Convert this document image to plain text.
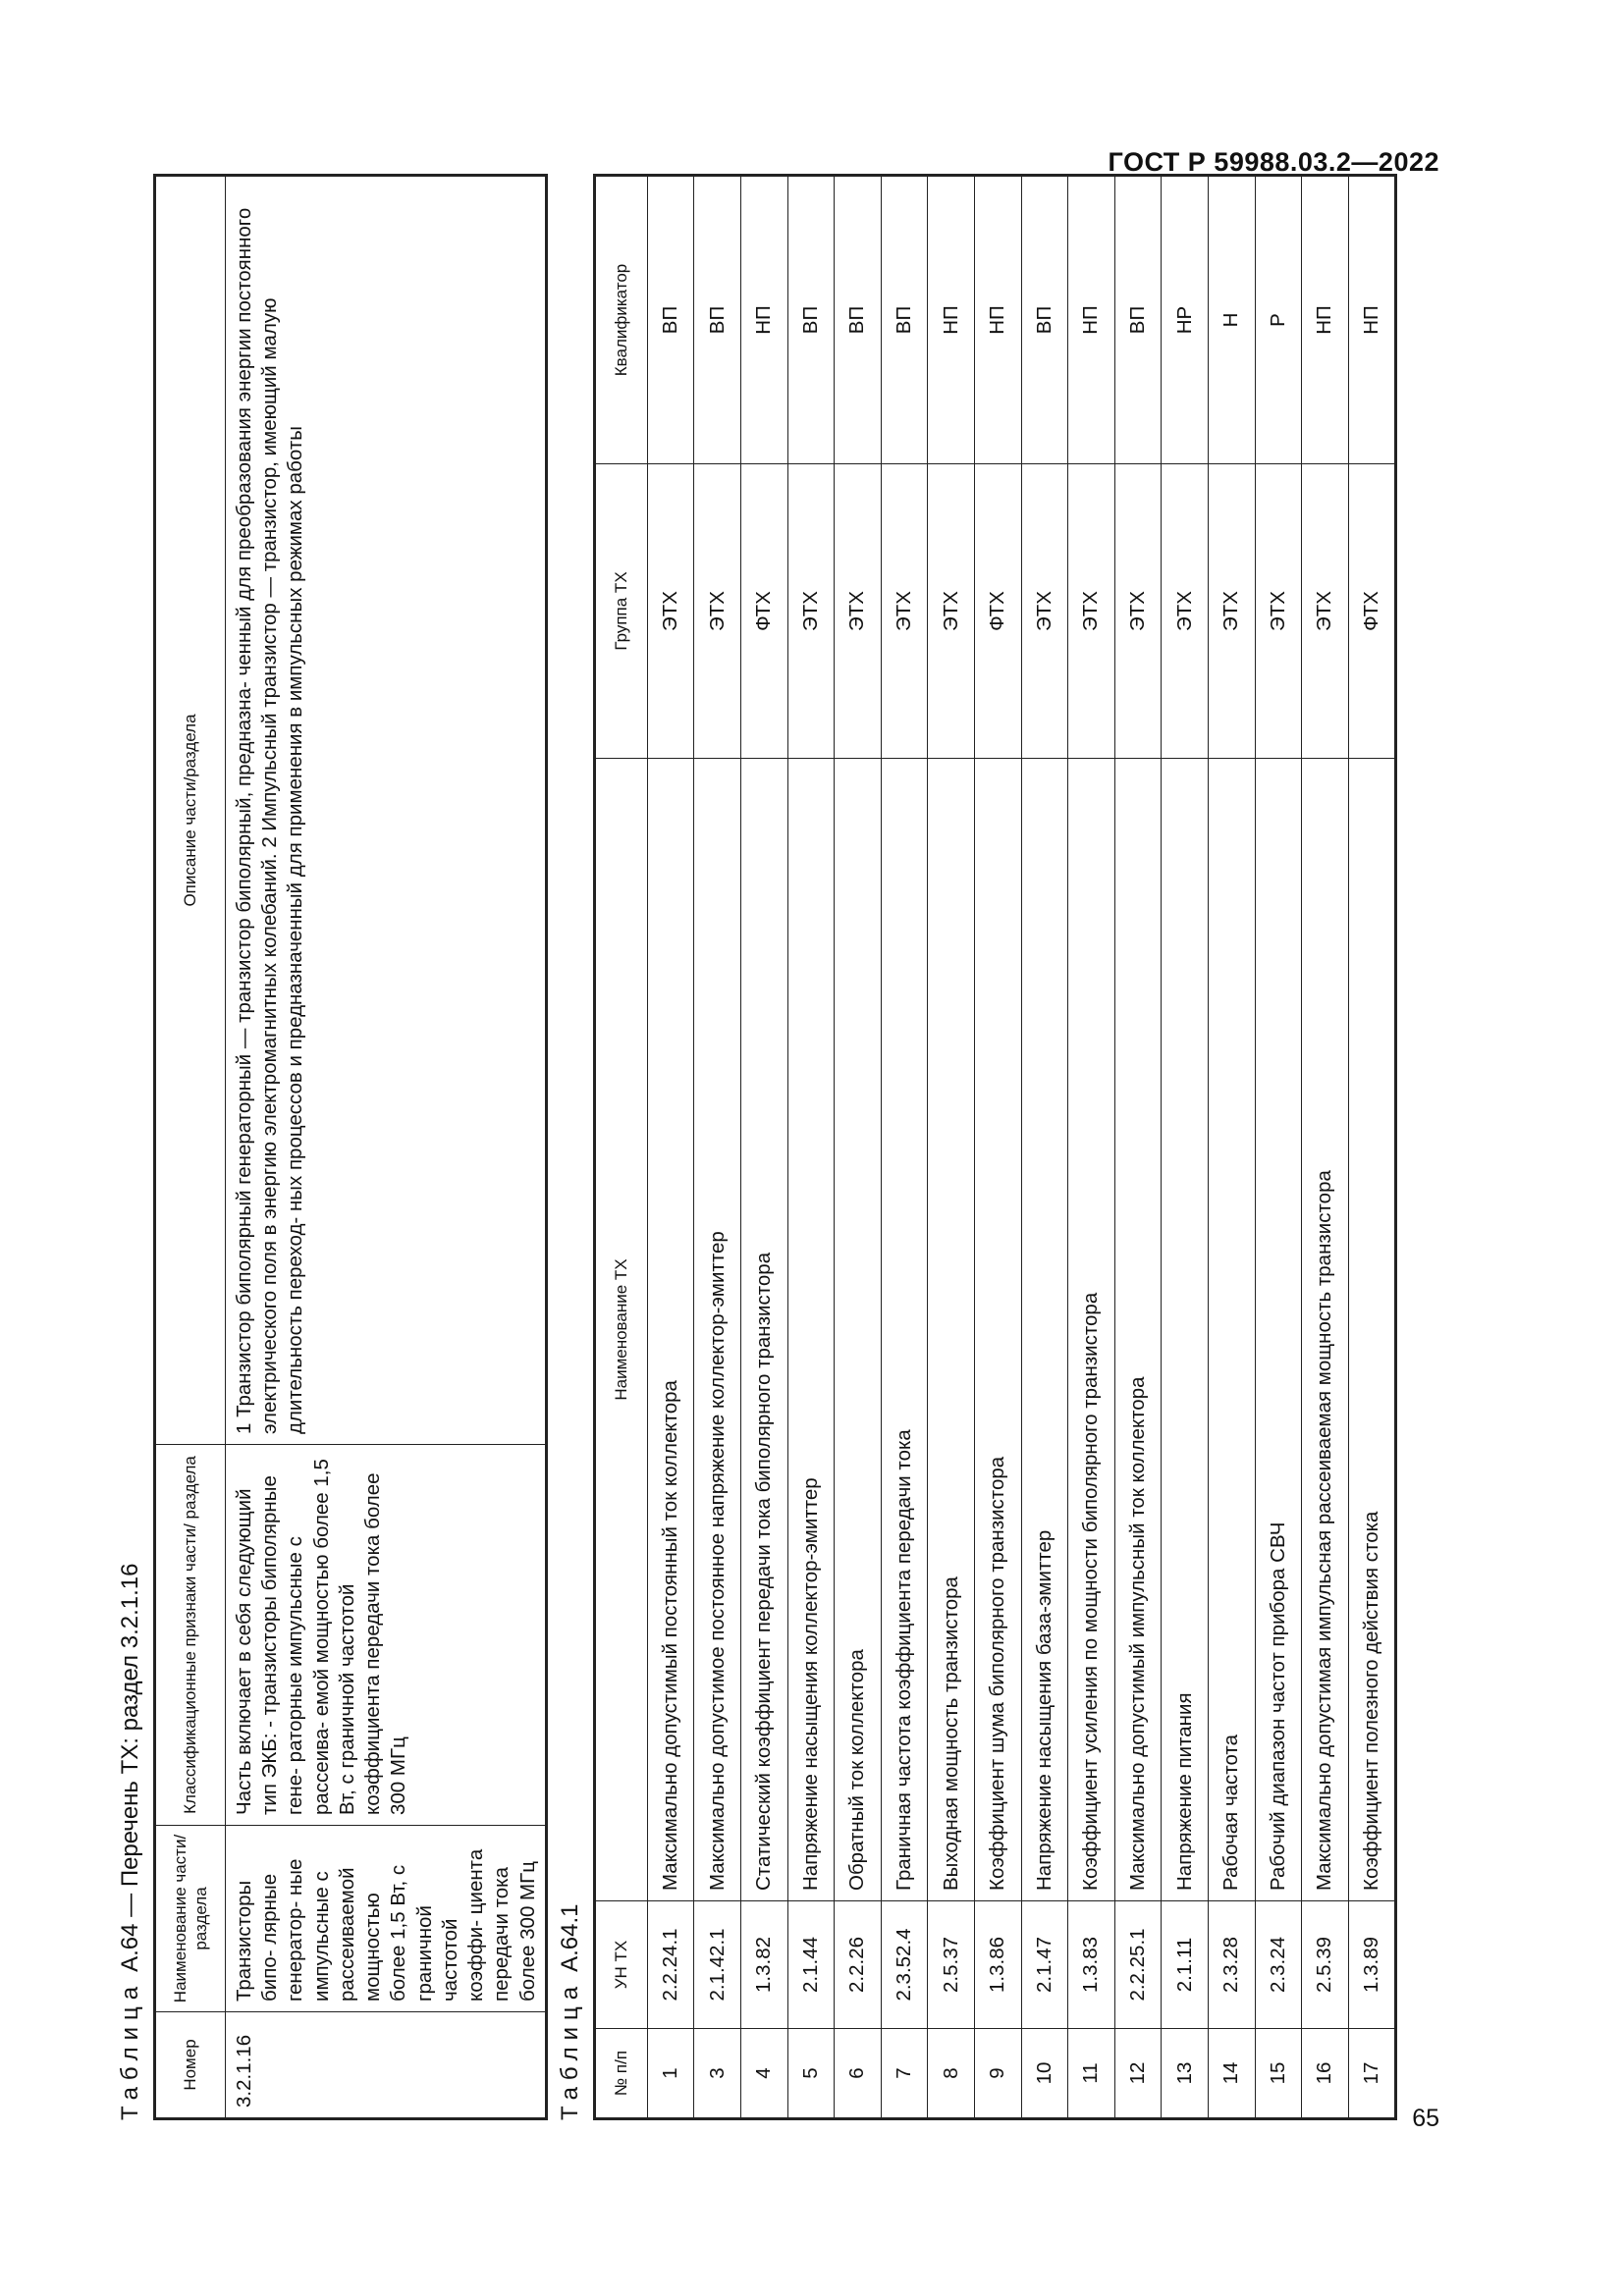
ГОСТ Р 59988.03.2—2022
Таблица
А.64 — Перечень ТХ: раздел 3.2.1.16
Номер	Наименование части/ раздела	Классификационные признаки части/ раздела	Описание части/раздела
3.2.1.16	Транзисторы бипо- лярные генератор- ные импульсные с рассеиваемой мощностью более 1,5 Вт, с граничной частотой коэффи- циента передачи тока более 300 МГц	Часть включает в себя следующий тип ЭКБ: - транзисторы биполярные гене- раторные импульсные с рассеива- емой мощностью более 1,5 Вт, с граничной частотой коэффициента передачи тока более 300 МГц	1 Транзистор биполярный генераторный — транзистор биполярный, предназна- ченный для преобразования энергии постоянного электрического поля в энергию электромагнитных колебаний. 2 Импульсный транзистор — транзистор, имеющий малую длительность переход- ных процессов и предназначенный для применения в импульсных режимах работы
Таблица
А.64.1
№ п/п	УН ТХ	Наименование ТХ	Группа ТХ	Квалификатор
1	2.2.24.1	Максимально допустимый постоянный ток коллектора	ЭТХ	ВП
3	2.1.42.1	Максимально допустимое постоянное напряжение коллектор-эмиттер	ЭТХ	ВП
4	1.3.82	Статический коэффициент передачи тока биполярного транзистора	ФТХ	НП
5	2.1.44	Напряжение насыщения коллектор-эмиттер	ЭТХ	ВП
6	2.2.26	Обратный ток коллектора	ЭТХ	ВП
7	2.3.52.4	Граничная частота коэффициента передачи тока	ЭТХ	ВП
8	2.5.37	Выходная мощность транзистора	ЭТХ	НП
9	1.3.86	Коэффициент шума биполярного транзистора	ФТХ	НП
10	2.1.47	Напряжение насыщения база-эмиттер	ЭТХ	ВП
11	1.3.83	Коэффициент усиления по мощности биполярного транзистора	ЭТХ	НП
12	2.2.25.1	Максимально допустимый импульсный ток коллектора	ЭТХ	ВП
13	2.1.11	Напряжение питания	ЭТХ	НР
14	2.3.28	Рабочая частота	ЭТХ	Н
15	2.3.24	Рабочий диапазон частот прибора СВЧ	ЭТХ	Р
16	2.5.39	Максимально допустимая импульсная рассеиваемая мощность транзистора	ЭТХ	НП
17	1.3.89	Коэффициент полезного действия стока	ФТХ	НП
65
